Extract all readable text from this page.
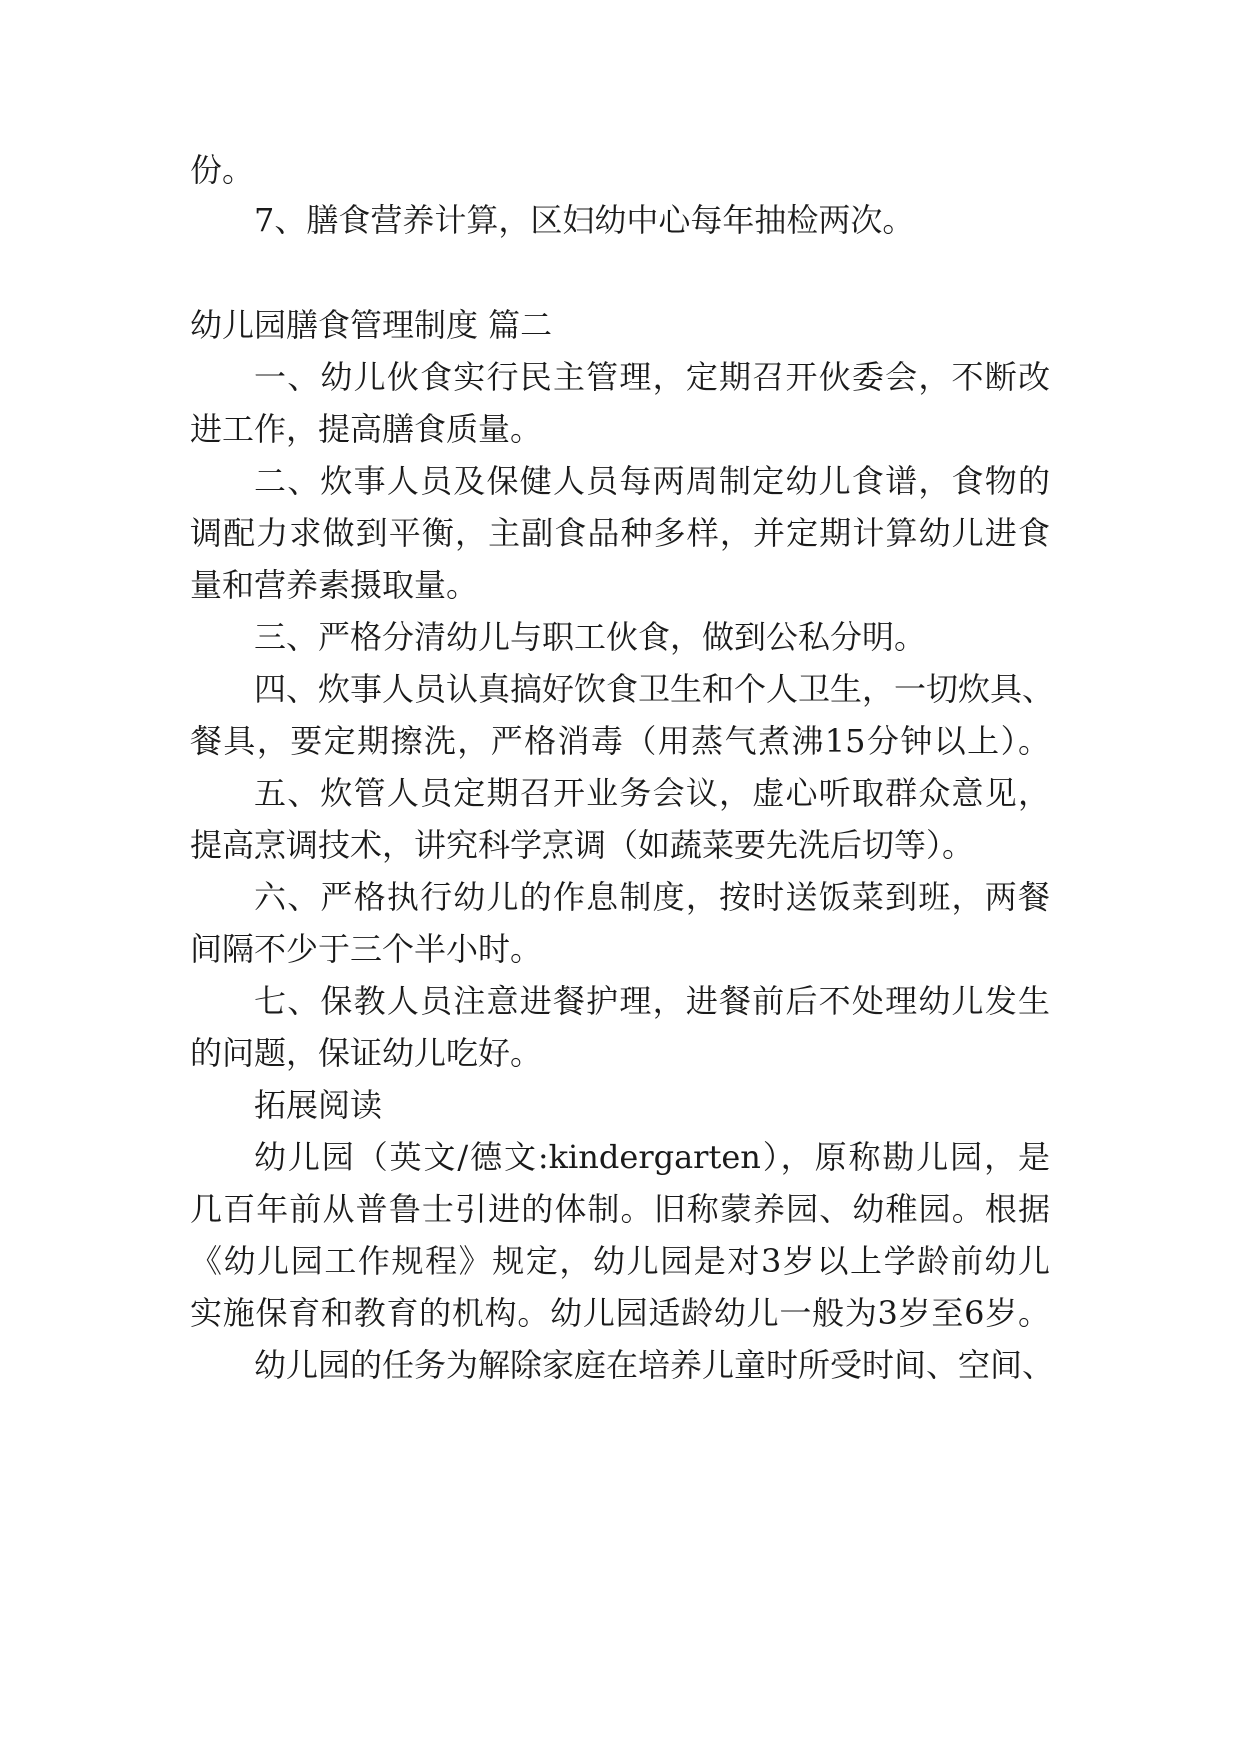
份。
7、膳食营养计算，区妇幼中心每年抽检两次。
幼儿园膳食管理制度 篇二
一、幼儿伙食实行民主管理，定期召开伙委会，不断改
进工作，提高膳食质量。
二、炊事人员及保健人员每两周制定幼儿食谱，食物的
调配力求做到平衡，主副食品种多样，并定期计算幼儿进食
量和营养素摄取量。
三、严格分清幼儿与职工伙食，做到公私分明。
四、炊事人员认真搞好饮食卫生和个人卫生，一切炊具、
餐具，要定期擦洗，严格消毒（用蒸气煮沸15分钟以上）。
五、炊管人员定期召开业务会议，虚心听取群众意见，
提高烹调技术，讲究科学烹调（如蔬菜要先洗后切等）。
六、严格执行幼儿的作息制度，按时送饭菜到班，两餐
间隔不少于三个半小时。
七、保教人员注意进餐护理，进餐前后不处理幼儿发生
的问题，保证幼儿吃好。
拓展阅读
幼儿园（英文/德文:kindergarten），原称勘儿园，是
几百年前从普鲁士引进的体制。旧称蒙养园、幼稚园。根据
《幼儿园工作规程》规定，幼儿园是对3岁以上学龄前幼儿
实施保育和教育的机构。幼儿园适龄幼儿一般为3岁至6岁。
幼儿园的任务为解除家庭在培养儿童时所受时间、空间、
